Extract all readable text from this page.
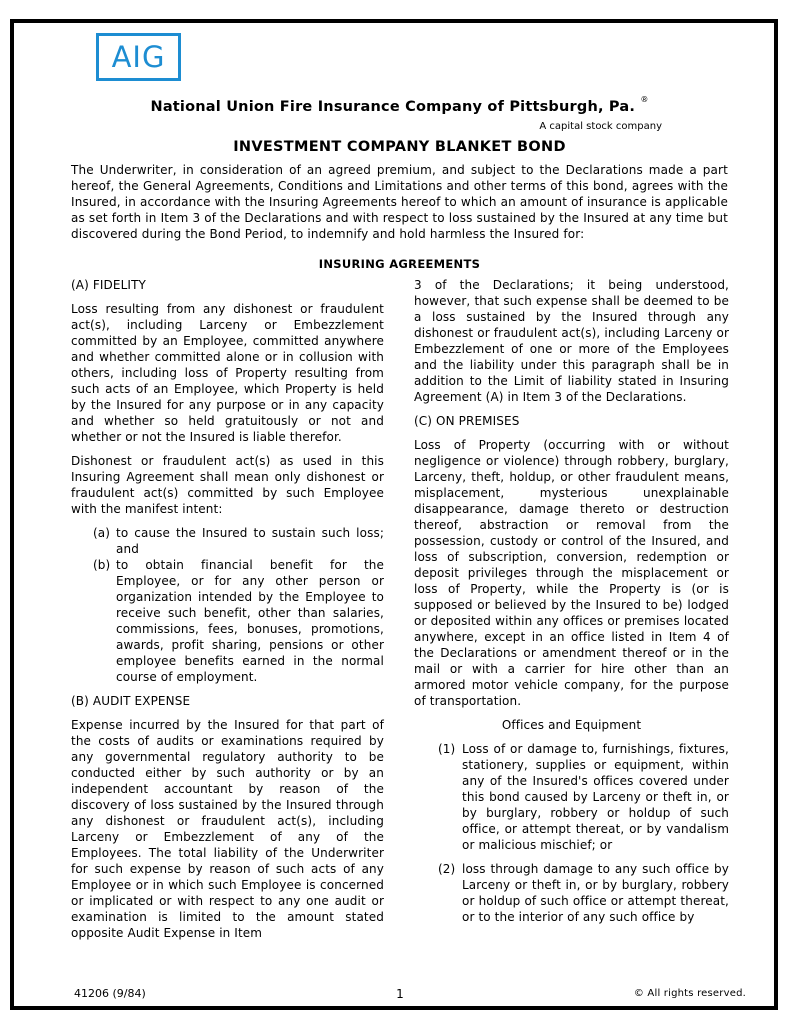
AIG
National Union Fire Insurance Company of Pittsburgh, Pa. ®
A capital stock company
INVESTMENT COMPANY BLANKET BOND

The Underwriter, in consideration of an agreed premium, and subject to the Declarations made a part hereof, the General Agreements, Conditions and Limitations and other terms of this bond, agrees with the Insured, in accordance with the Insuring Agreements hereof to which an amount of insurance is applicable as set forth in Item 3 of the Declarations and with respect to loss sustained by the Insured at any time but discovered during the Bond Period, to indemnify and hold harmless the Insured for:

INSURING AGREEMENTS

(A) FIDELITY

Loss resulting from any dishonest or fraudulent act(s), including Larceny or Embezzlement committed by an Employee, committed anywhere and whether committed alone or in collusion with others, including loss of Property resulting from such acts of an Employee, which Property is held by the Insured for any purpose or in any capacity and whether so held gratuitously or not and whether or not the Insured is liable therefor.

Dishonest or fraudulent act(s) as used in this Insuring Agreement shall mean only dishonest or fraudulent act(s) committed by such Employee with the manifest intent:

(a) to cause the Insured to sustain such loss; and
(b) to obtain financial benefit for the Employee, or for any other person or organization intended by the Employee to receive such benefit, other than salaries, commissions, fees, bonuses, promotions, awards, profit sharing, pensions or other employee benefits earned in the normal course of employment.

(B) AUDIT EXPENSE

Expense incurred by the Insured for that part of the costs of audits or examinations required by any governmental regulatory authority to be conducted either by such authority or by an independent accountant by reason of the discovery of loss sustained by the Insured through any dishonest or fraudulent act(s), including Larceny or Embezzlement of any of the Employees. The total liability of the Underwriter for such expense by reason of such acts of any Employee or in which such Employee is concerned or implicated or with respect to any one audit or examination is limited to the amount stated opposite Audit Expense in Item

3 of the Declarations; it being understood, however, that such expense shall be deemed to be a loss sustained by the Insured through any dishonest or fraudulent act(s), including Larceny or Embezzlement of one or more of the Employees and the liability under this paragraph shall be in addition to the Limit of liability stated in Insuring Agreement (A) in Item 3 of the Declarations.

(C) ON PREMISES

Loss of Property (occurring with or without negligence or violence) through robbery, burglary, Larceny, theft, holdup, or other fraudulent means, misplacement, mysterious unexplainable disappearance, damage thereto or destruction thereof, abstraction or removal from the possession, custody or control of the Insured, and loss of subscription, conversion, redemption or deposit privileges through the misplacement or loss of Property, while the Property is (or is supposed or believed by the Insured to be) lodged or deposited within any offices or premises located anywhere, except in an office listed in Item 4 of the Declarations or amendment thereof or in the mail or with a carrier for hire other than an armored motor vehicle company, for the purpose of transportation.

Offices and Equipment

(1) Loss of or damage to, furnishings, fixtures, stationery, supplies or equipment, within any of the Insured's offices covered under this bond caused by Larceny or theft in, or by burglary, robbery or holdup of such office, or attempt thereat, or by vandalism or malicious mischief; or
(2) loss through damage to any such office by Larceny or theft in, or by burglary, robbery or holdup of such office or attempt thereat, or to the interior of any such office by
41206 (9/84)	1	© All rights reserved.
